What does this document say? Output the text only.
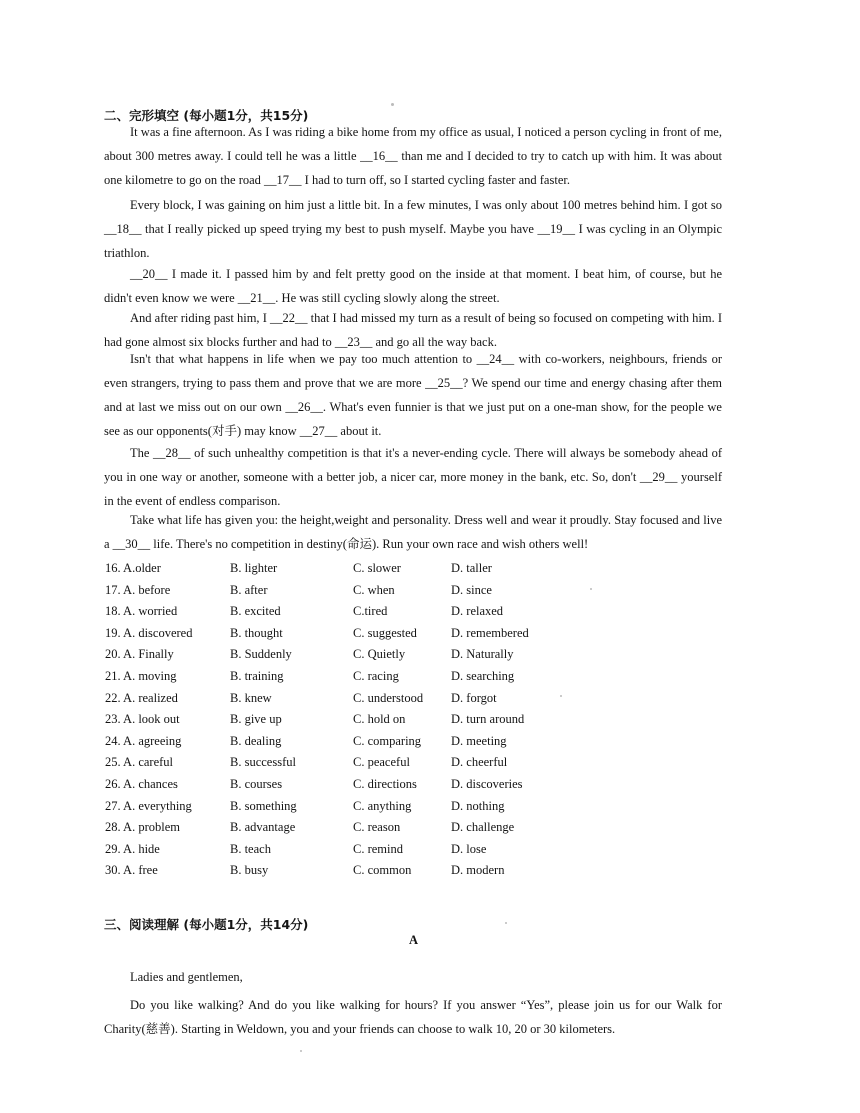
二、完形填空 (每小题1分，共15分)
It was a fine afternoon. As I was riding a bike home from my office as usual, I noticed a person cycling in front of me, about 300 metres away. I could tell he was a little __16__ than me and I decided to try to catch up with him. It was about one kilometre to go on the road __17__ I had to turn off, so I started cycling faster and faster.
Every block, I was gaining on him just a little bit. In a few minutes, I was only about 100 metres behind him. I got so __18__ that I really picked up speed trying my best to push myself. Maybe you have __19__ I was cycling in an Olympic triathlon.
__20__ I made it. I passed him by and felt pretty good on the inside at that moment. I beat him, of course, but he didn't even know we were __21__. He was still cycling slowly along the street.
And after riding past him, I __22__ that I had missed my turn as a result of being so focused on competing with him. I had gone almost six blocks further and had to __23__ and go all the way back.
Isn't that what happens in life when we pay too much attention to __24__ with co-workers, neighbours, friends or even strangers, trying to pass them and prove that we are more __25__? We spend our time and energy chasing after them and at last we miss out on our own __26__. What's even funnier is that we just put on a one-man show, for the people we see as our opponents(对手) may know __27__ about it.
The __28__ of such unhealthy competition is that it's a never-ending cycle. There will always be somebody ahead of you in one way or another, someone with a better job, a nicer car, more money in the bank, etc. So, don't __29__ yourself in the event of endless comparison.
Take what life has given you: the height,weight and personality. Dress well and wear it proudly. Stay focused and live a __30__ life. There's no competition in destiny(命运). Run your own race and wish others well!
16. A.older	B. lighter	C. slower	D. taller
17. A. before	B. after	C. when	D. since
18. A. worried	B. excited	C.tired	D. relaxed
19. A. discovered	B. thought	C. suggested	D. remembered
20. A. Finally	B. Suddenly	C. Quietly	D. Naturally
21. A. moving	B. training	C. racing	D. searching
22. A. realized	B. knew	C. understood D. forgot
23. A. look out	B. give up	C. hold on	D. turn around
24. A. agreeing	B. dealing	C. comparing D. meeting
25. A. careful	B. successful	C. peaceful	D. cheerful
26. A. chances	B. courses	C. directions	D. discoveries
27. A. everything	B. something	C. anything	D. nothing
28. A. problem	B. advantage	C. reason	D. challenge
29. A. hide	B. teach	C. remind	D. lose
30. A. free	B. busy	C. common	D. modern
三、阅读理解 (每小题1分，共14分)
A
Ladies and gentlemen,
Do you like walking? And do you like walking for hours? If you answer “Yes”, please join us for our Walk for Charity(慈善). Starting in Weldown, you and your friends can choose to walk 10, 20 or 30 kilometers.
